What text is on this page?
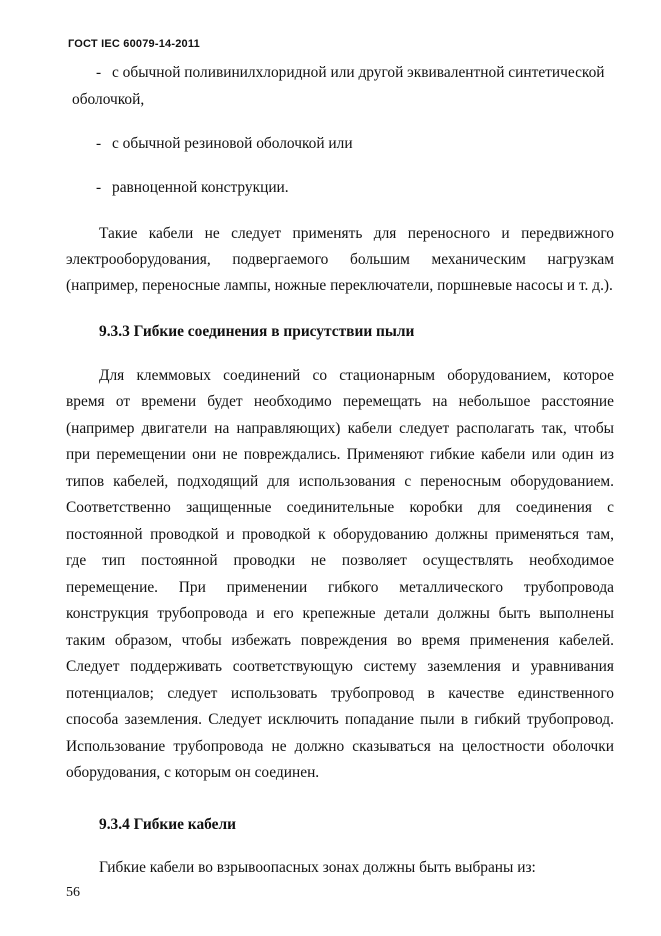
ГОСТ IEC 60079-14-2011
- с обычной поливинилхлоридной или другой эквивалентной синтетической
оболочкой,
- с обычной резиновой оболочкой или
- равноценной конструкции.
Такие кабели не следует применять для переносного и передвижного
электрооборудования, подвергаемого большим механическим нагрузкам
(например, переносные лампы, ножные переключатели, поршневые насосы и т. д.).
9.3.3 Гибкие соединения в присутствии пыли
Для клеммовых соединений со стационарным оборудованием, которое
время от времени будет необходимо перемещать на небольшое расстояние
(например двигатели на направляющих) кабели следует располагать так, чтобы
при перемещении они не повреждались. Применяют гибкие кабели или один из
типов кабелей, подходящий для использования с переносным оборудованием.
Соответственно защищенные соединительные коробки для соединения с
постоянной проводкой и проводкой к оборудованию должны применяться там,
где тип постоянной проводки не позволяет осуществлять необходимое
перемещение. При применении гибкого металлического трубопровода
конструкция трубопровода и его крепежные детали должны быть выполнены
таким образом, чтобы избежать повреждения во время применения кабелей.
Следует поддерживать соответствующую систему заземления и уравнивания
потенциалов; следует использовать трубопровод в качестве единственного
способа заземления. Следует исключить попадание пыли в гибкий трубопровод.
Использование трубопровода не должно сказываться на целостности оболочки
оборудования, с которым он соединен.
9.3.4 Гибкие кабели
Гибкие кабели во взрывоопасных зонах должны быть выбраны из:
56
